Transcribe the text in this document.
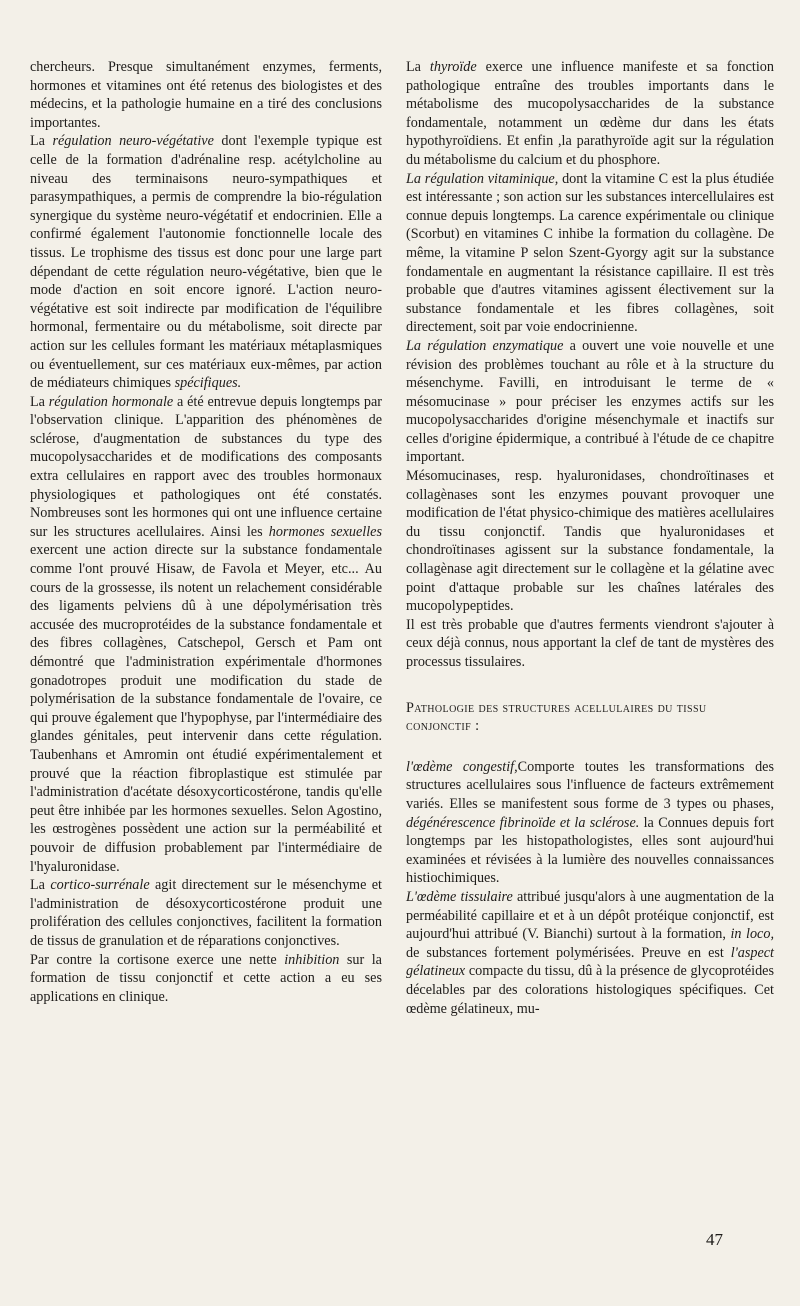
chercheurs. Presque simultanément enzymes, ferments, hormones et vitamines ont été retenus des biologistes et des médecins, et la pathologie humaine en a tiré des conclusions importantes.

La régulation neuro-végétative dont l'exemple typique est celle de la formation d'adrénaline resp. acétylcholine au niveau des terminaisons neuro-sympathiques et parasympathiques, a permis de comprendre la bio-régulation synergique du système neuro-végétatif et endocrinien. Elle a confirmé également l'autonomie fonctionnelle locale des tissus. Le trophisme des tissus est donc pour une large part dépendant de cette régulation neuro-végétative, bien que le mode d'action en soit encore ignoré. L'action neuro-végétative est soit indirecte par modification de l'équilibre hormonal, fermentaire ou du métabolisme, soit directe par action sur les cellules formant les matériaux métaplasmiques ou éventuellement, sur ces matériaux eux-mêmes, par action de médiateurs chimiques spécifiques.

La régulation hormonale a été entrevue depuis longtemps par l'observation clinique. L'apparition des phénomènes de sclérose, d'augmentation de substances du type des mucopolysaccharides et de modifications des composants extra cellulaires en rapport avec des troubles hormonaux physiologiques et pathologiques ont été constatés. Nombreuses sont les hormones qui ont une influence certaine sur les structures acellulaires. Ainsi les hormones sexuelles exercent une action directe sur la substance fondamentale comme l'ont prouvé Hisaw, de Favola et Meyer, etc... Au cours de la grossesse, ils notent un relachement considérable des ligaments pelviens dû à une dépolymérisation très accusée des mucroprotéides de la substance fondamentale et des fibres collagènes, Catschepol, Gersch et Pam ont démontré que l'administration expérimentale d'hormones gonadotropes produit une modification du stade de polymérisation de la substance fondamentale de l'ovaire, ce qui prouve également que l'hypophyse, par l'intermédiaire des glandes génitales, peut intervenir dans cette régulation. Taubenhans et Amromin ont étudié expérimentalement et prouvé que la réaction fibroplastique est stimulée par l'administration d'acétate désoxycorticostérone, tandis qu'elle peut être inhibée par les hormones sexuelles. Selon Agostino, les œstrogènes possèdent une action sur la perméabilité et pouvoir de diffusion probablement par l'intermédiaire de l'hyaluronidase.

La cortico-surrénale agit directement sur le mésenchyme et l'administration de désoxycorticostérone produit une prolifération des cellules conjonctives, facilitent la formation de tissus de granulation et de réparations conjonctives.

Par contre la cortisone exerce une nette inhibition sur la formation de tissu conjonctif et cette action a eu ses applications en clinique.

La thyroïde exerce une influence manifeste et sa fonction pathologique entraîne des troubles importants dans le métabolisme des mucopolysaccharides de la substance fondamentale, notamment un œdème dur dans les états hypothyroïdiens. Et enfin ,la parathyroïde agit sur la régulation du métabolisme du calcium et du phosphore.

La régulation vitaminique, dont la vitamine C est la plus étudiée est intéressante ; son action sur les substances intercellulaires est connue depuis longtemps. La carence expérimentale ou clinique (Scorbut) en vitamines C inhibe la formation du collagène. De même, la vitamine P selon Szent-Gyorgy agit sur la substance fondamentale en augmentant la résistance capillaire. Il est très probable que d'autres vitamines agissent électivement sur la substance fondamentale et les fibres collagènes, soit directement, soit par voie endocrinienne.

La régulation enzymatique a ouvert une voie nouvelle et une révision des problèmes touchant au rôle et à la structure du mésenchyme. Favilli, en introduisant le terme de « mésomucinase » pour préciser les enzymes actifs sur les mucopolysaccharides d'origine mésenchymale et inactifs sur celles d'origine épidermique, a contribué à l'étude de ce chapitre important.

Mésomucinases, resp. hyaluronidases, chondroïtinases et collagènases sont les enzymes pouvant provoquer une modification de l'état physico-chimique des matières acellulaires du tissu conjonctif. Tandis que hyaluronidases et chondroïtinases agissent sur la substance fondamentale, la collagènase agit directement sur le collagène et la gélatine avec point d'attaque probable sur les chaînes latérales des mucopolypeptides.

Il est très probable que d'autres ferments viendront s'ajouter à ceux déjà connus, nous apportant la clef de tant de mystères des processus tissulaires.

Pathologie des structures acellulaires du tissu conjonctif :

l'œdème congestif,Comporte toutes les transformations des structures acellulaires sous l'influence de facteurs extrêmement variés. Elles se manifestent sous forme de 3 types ou phases, dégénérescence fibrinoïde et la sclérose. la Connues depuis fort longtemps par les histopathologistes, elles sont aujourd'hui examinées et révisées à la lumière des nouvelles connaissances histiochimiques.

L'œdème tissulaire attribué jusqu'alors à une augmentation de la perméabilité capillaire et et à un dépôt protéique conjonctif, est aujourd'hui attribué (V. Bianchi) surtout à la formation, in loco, de substances fortement polymérisées. Preuve en est l'aspect gélatineux compacte du tissu, dû à la présence de glycoprotéides décelables par des colorations histologiques spécifiques. Cet œdème gélatineux, mu-

47
